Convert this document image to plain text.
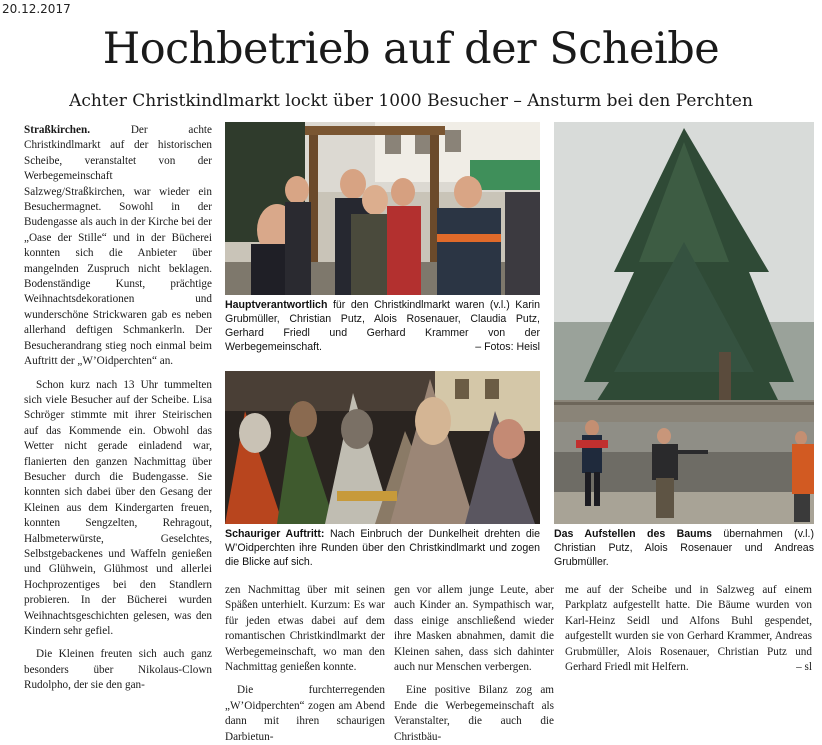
20.12.2017
Hochbetrieb auf der Scheibe
Achter Christkindlmarkt lockt über 1000 Besucher – Ansturm bei den Perchten

Straßkirchen. Der achte Christkindlmarkt auf der historischen Scheibe, veranstaltet von der Werbegemeinschaft Salzweg/Straßkirchen, war wieder ein Besuchermagnet. Sowohl in der Budengasse als auch in der Kirche bei der „Oase der Stille“ und in der Bücherei konnten sich die Anbieter über mangelnden Zuspruch nicht beklagen. Bodenständige Kunst, prächtige Weihnachtsdekorationen und wunderschöne Strickwaren gab es neben allerhand deftigen Schmankerln. Der Besucherandrang stieg noch einmal beim Auftritt der „W’Oidperchten“ an.

Schon kurz nach 13 Uhr tummelten sich viele Besucher auf der Scheibe. Lisa Schröger stimmte mit ihrer Steirischen auf das Kommende ein. Obwohl das Wetter nicht gerade einladend war, flanierten den ganzen Nachmittag über Besucher durch die Budengasse. Sie konnten sich dabei über den Gesang der Kleinen aus dem Kindergarten freuen, konnten Sengzelten, Rehragout, Halbmeterwürste, Geselchtes, Selbstgebackenes und Waffeln genießen und Glühwein, Glühmost und allerlei Hochprozentiges bei den Standlern probieren. In der Bücherei wurden Weihnachtsgeschichten gelesen, was den Kindern sehr gefiel.

Die Kleinen freuten sich auch ganz besonders über Nikolaus-Clown Rudolpho, der sie den gan-

Hauptverantwortlich für den Christkindlmarkt waren (v.l.) Karin Grubmüller, Christian Putz, Alois Rosenauer, Claudia Putz, Gerhard Friedl und Gerhard Krammer von der Werbegemeinschaft.	– Fotos: Heisl
Schauriger Auftritt: Nach Einbruch der Dunkelheit drehten die W’Oidperchten ihre Runden über den Christkindlmarkt und zogen die Blicke auf sich.
Das Aufstellen des Baums übernahmen (v.l.) Christian Putz, Alois Rosenauer und Andreas Grubmüller.

zen Nachmittag über mit seinen Späßen unterhielt. Kurzum: Es war für jeden etwas dabei auf dem romantischen Christkindlmarkt der Werbegemeinschaft, wo man den Nachmittag genießen konnte.

Die furchterregenden „W’Oidperchten“ zogen am Abend dann mit ihren schaurigen Darbietun-

gen vor allem junge Leute, aber auch Kinder an. Sympathisch war, dass einige anschließend wieder ihre Masken abnahmen, damit die Kleinen sahen, dass sich dahinter auch nur Menschen verbergen.

Eine positive Bilanz zog am Ende die Werbegemeinschaft als Veranstalter, die auch die Christbäu-

me auf der Scheibe und in Salzweg auf einem Parkplatz aufgestellt hatte. Die Bäume wurden von Karl-Heinz Seidl und Alfons Buhl gespendet, aufgestellt wurden sie von Gerhard Krammer, Andreas Grubmüller, Alois Rosenauer, Christian Putz und Gerhard Friedl mit Helfern.	– sl
